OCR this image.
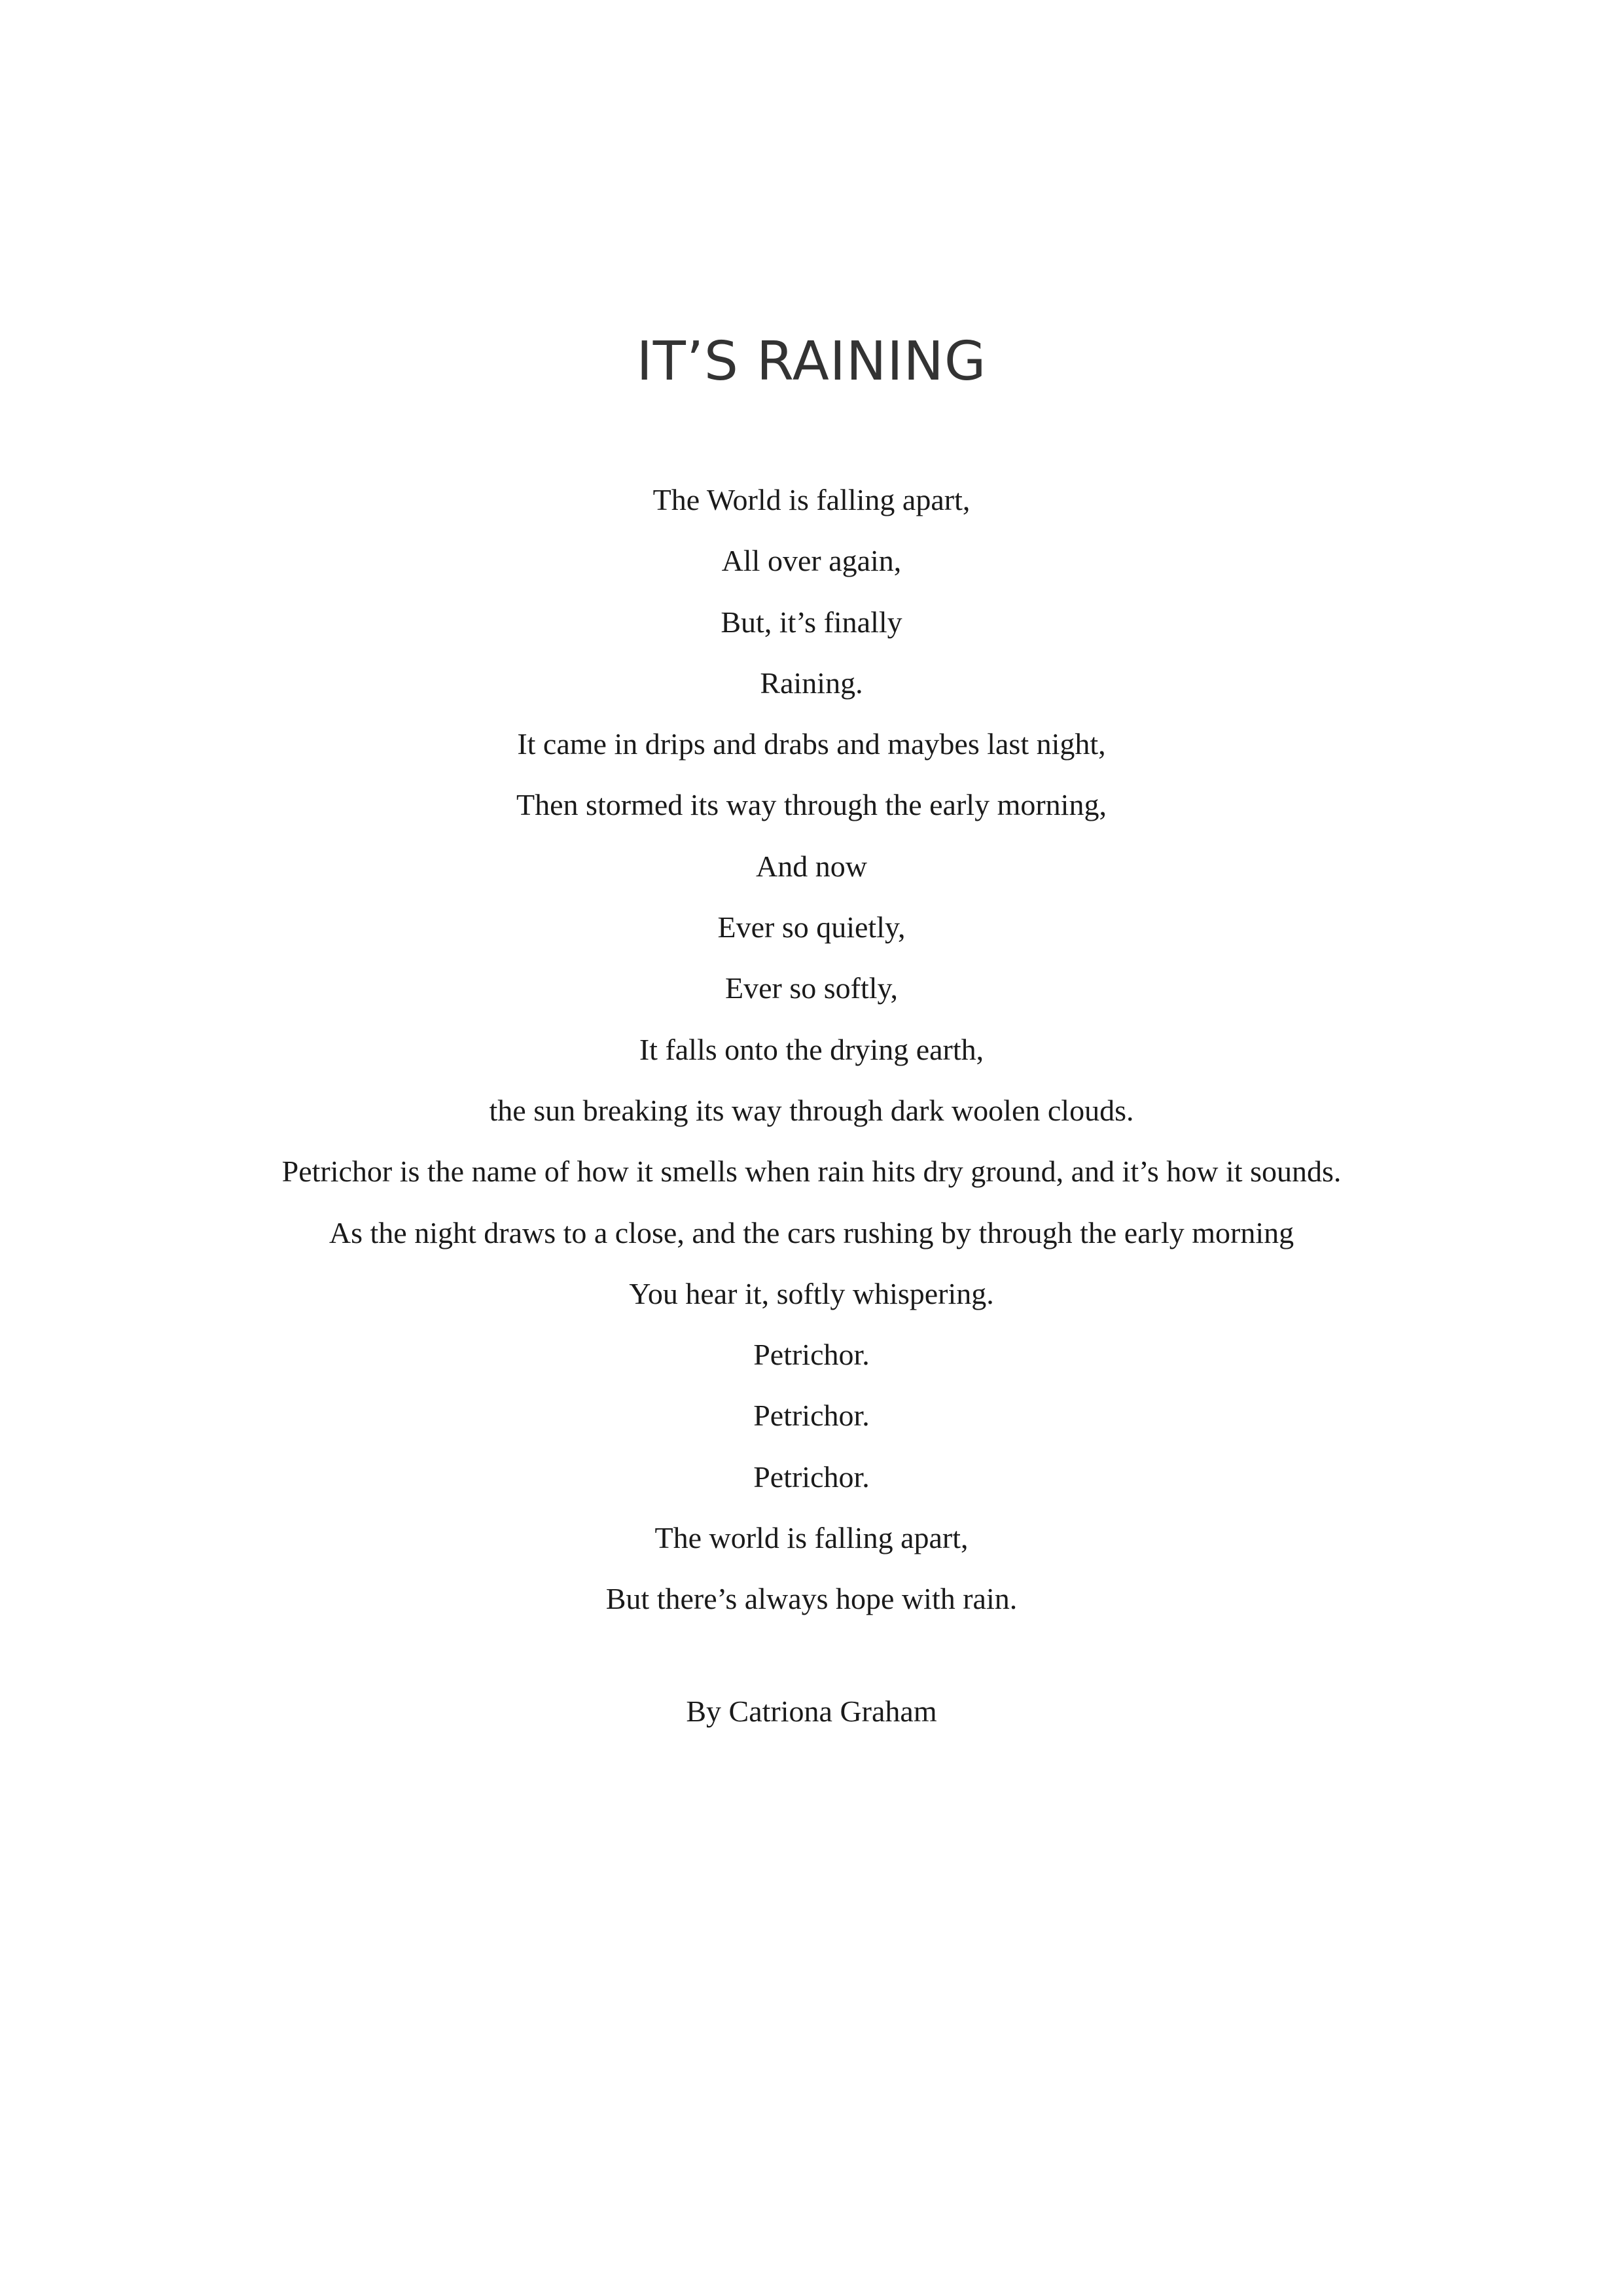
IT’S RAINING
The World is falling apart,
All over again,
But, it’s finally
Raining.
It came in drips and drabs and maybes last night,
Then stormed its way through the early morning,
And now
Ever so quietly,
Ever so softly,
It falls onto the drying earth,
the sun breaking its way through dark woolen clouds.
Petrichor is the name of how it smells when rain hits dry ground, and it’s how it sounds.
As the night draws to a close, and the cars rushing by through the early morning
You hear it, softly whispering.
Petrichor.
Petrichor.
Petrichor.
The world is falling apart,
But there’s always hope with rain.

By Catriona Graham
